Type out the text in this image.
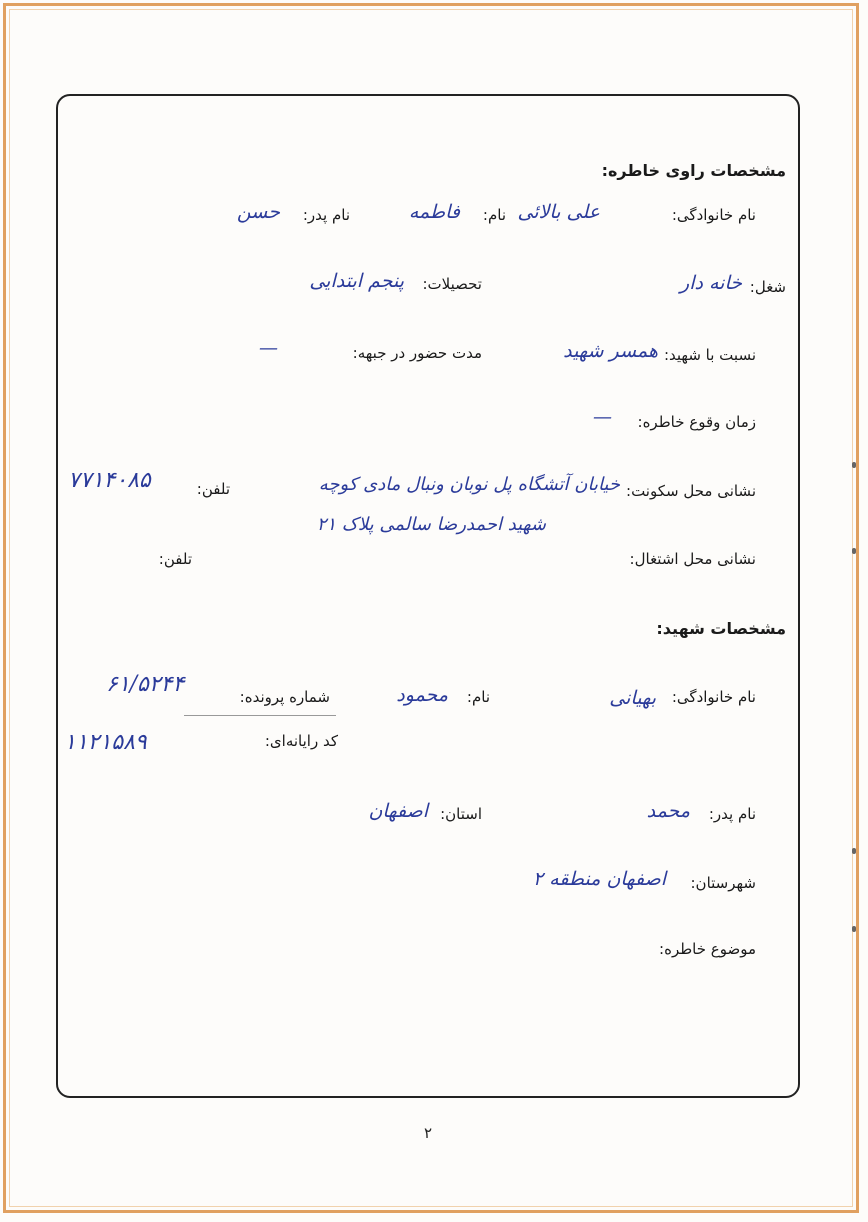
مشخصات راوی خاطره:
نام خانوادگی:
علی بالائی
نام:
فاطمه
نام پدر:
حسن
شغل:
خانه دار
تحصیلات:
پنجم ابتدایی
نسبت با شهید:
همسر شهید
مدت حضور در جبهه:
—
زمان وقوع خاطره:
—
نشانی محل سکونت:
خیابان آتشگاه پل نوبان ونبال مادی کوچه
شهید احمدرضا سالمی پلاک ۲۱
تلفن:
۷۷۱۴۰۸۵
نشانی محل اشتغال:
تلفن:
مشخصات شهید:
نام خانوادگی:
بهیانی
نام:
محمود
شماره پرونده:
۶۱/۵۲۴۴
کد رایانه‌ای:
۱۱۲۱۵۸۹
نام پدر:
محمد
استان:
اصفهان
شهرستان:
اصفهان منطقه ۲
موضوع خاطره:
۲
